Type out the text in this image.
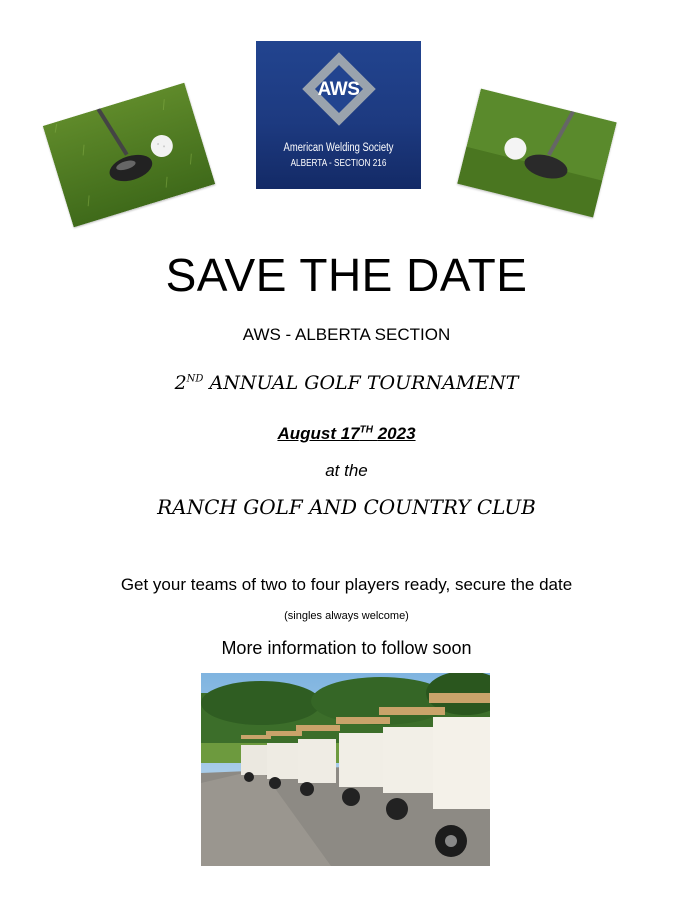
AWS
American Welding Society
ALBERTA - SECTION 216
SAVE THE DATE
AWS - ALBERTA SECTION
2ND ANNUAL GOLF TOURNAMENT
August 17TH 2023
at the
RANCH GOLF AND COUNTRY CLUB
Get your teams of two to four players ready, secure the date
(singles always welcome)
More information to follow soon
